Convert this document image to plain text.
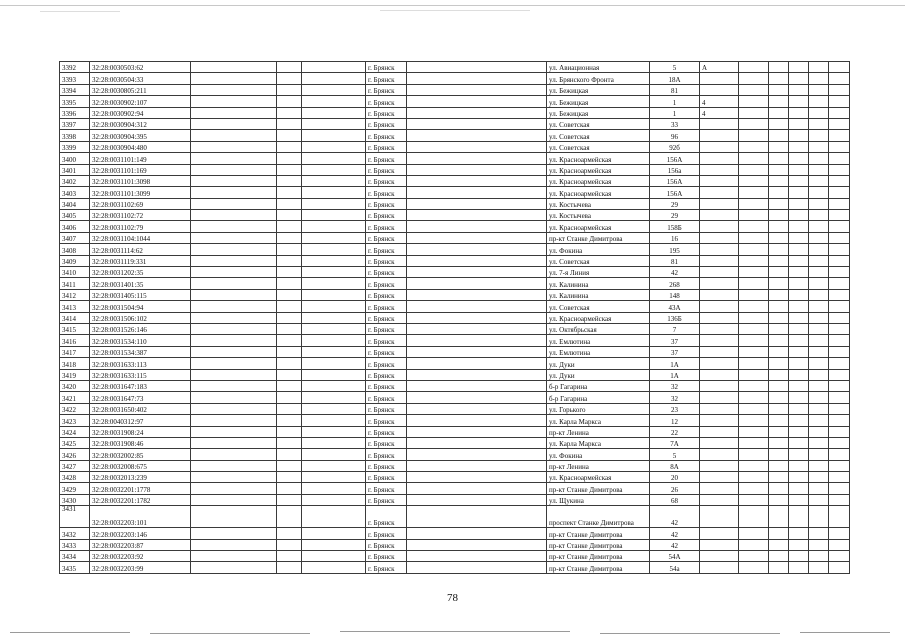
3392	32:28:0030503:62				г. Брянск		ул. Авиационная	5	А					
3393	32:28:0030504:33				г. Брянск		ул. Брянского Фронта	18А						
3394	32:28:0030805:211				г. Брянск		ул. Бежицкая	81						
3395	32:28:0030902:107				г. Брянск		ул. Бежицкая	1	4					
3396	32:28:0030902:94				г. Брянск		ул. Бежицкая	1	4					
3397	32:28:0030904:312				г. Брянск		ул. Советская	33						
3398	32:28:0030904:395				г. Брянск		ул. Советская	96						
3399	32:28:0030904:480				г. Брянск		ул. Советская	92б						
3400	32:28:0031101:149				г. Брянск		ул. Красноармейская	156А						
3401	32:28:0031101:169				г. Брянск		ул. Красноармейская	156а						
3402	32:28:0031101:3098				г. Брянск		ул. Красноармейская	156А						
3403	32:28:0031101:3099				г. Брянск		ул. Красноармейская	156А						
3404	32:28:0031102:69				г. Брянск		ул. Костычева	29						
3405	32:28:0031102:72				г. Брянск		ул. Костычева	29						
3406	32:28:0031102:79				г. Брянск		ул. Красноармейская	158Б						
3407	32:28:0031104:1044				г. Брянск		пр-кт Станке Димитрова	16						
3408	32:28:0031114:62				г. Брянск		ул. Фокина	195						
3409	32:28:0031119:331				г. Брянск		ул. Советская	81						
3410	32:28:0031202:35				г. Брянск		ул. 7-я Линия	42						
3411	32:28:0031401:35				г. Брянск		ул. Калинина	268						
3412	32:28:0031405:115				г. Брянск		ул. Калинина	148						
3413	32:28:0031504:94				г. Брянск		ул. Советская	43А						
3414	32:28:0031506:102				г. Брянск		ул. Красноармейская	136Б						
3415	32:28:0031526:146				г. Брянск		ул. Октябрьская	7						
3416	32:28:0031534:110				г. Брянск		ул. Емлютина	37						
3417	32:28:0031534:387				г. Брянск		ул. Емлютина	37						
3418	32:28:0031633:113				г. Брянск		ул. Дуки	1А						
3419	32:28:0031633:115				г. Брянск		ул. Дуки	1А						
3420	32:28:0031647:183				г. Брянск		б-р Гагарина	32						
3421	32:28:0031647:73				г. Брянск		б-р Гагарина	32						
3422	32:28:0031650:402				г. Брянск		ул. Горького	23						
3423	32:28:0040312:97				г. Брянск		ул. Карла Маркса	12						
3424	32:28:0031908:24				г. Брянск		пр-кт Ленина	22						
3425	32:28:0031908:46				г. Брянск		ул. Карла Маркса	7А						
3426	32:28:0032002:85				г. Брянск		ул. Фокина	5						
3427	32:28:0032008:675				г. Брянск		пр-кт Ленина	8А						
3428	32:28:0032013:239				г. Брянск		ул. Красноармейская	20						
3429	32:28:0032201:1778				г. Брянск		пр-кт Станке Димитрова	26						
3430	32:28:0032201:1782				г. Брянск		ул. Щукина	68						
3431	32:28:0032203:101				г. Брянск		проспект Станке Димитрова	42						
3432	32:28:0032203:146				г. Брянск		пр-кт Станке Димитрова	42						
3433	32:28:0032203:87				г. Брянск		пр-кт Станке Димитрова	42						
3434	32:28:0032203:92				г. Брянск		пр-кт Станке Димитрова	54А						
3435	32:28:0032203:99				г. Брянск		пр-кт Станке Димитрова	54а						
78
